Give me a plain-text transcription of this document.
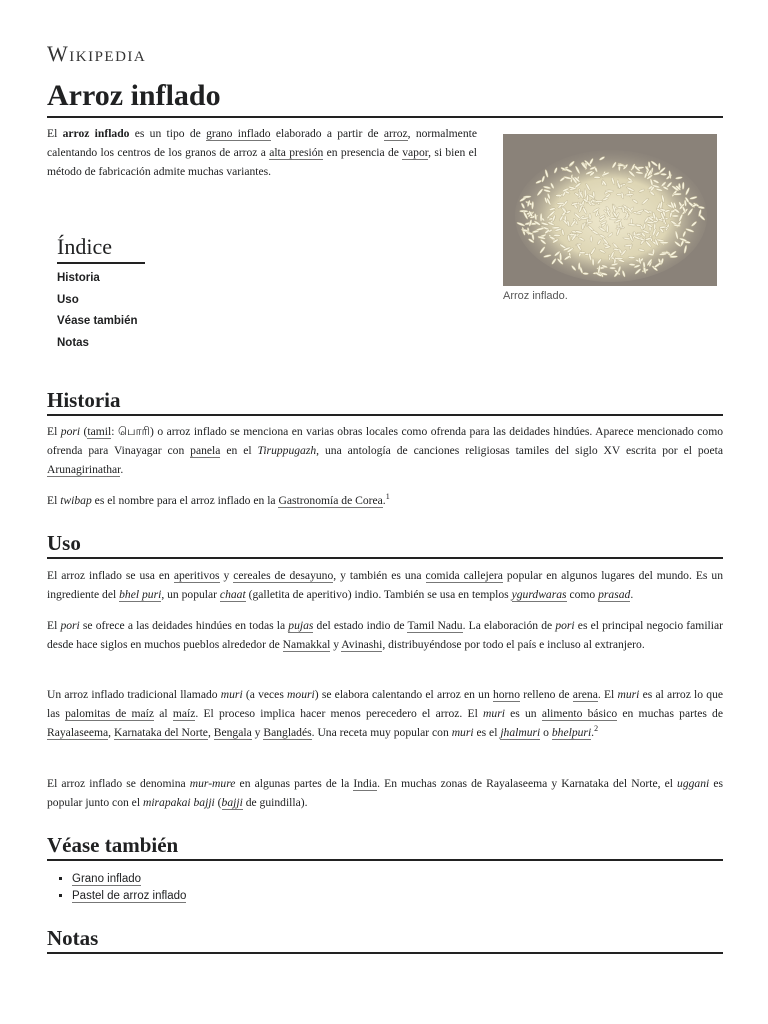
Wikipedia
Arroz inflado

El arroz inflado es un tipo de grano inflado elaborado a partir de arroz, normalmente calentando los centros de los granos de arroz a alta presión en presencia de vapor, si bien el método de fabricación admite muchas variantes.

Arroz inflado.
Índice
Historia
Uso
Véase también
Notas
Historia

El pori (tamil: பொரி) o arroz inflado se menciona en varias obras locales como ofrenda para las deidades hindúes. Aparece mencionado como ofrenda para Vinayagar con panela en el Tiruppugazh, una antología de canciones religiosas tamiles del siglo XV escrita por el poeta Arunagirinathar.

El twibap es el nombre para el arroz inflado en la Gastronomía de Corea.$^1$

Uso

El arroz inflado se usa en aperitivos y cereales de desayuno, y también es una comida callejera popular en algunos lugares del mundo. Es un ingrediente del bhel puri, un popular chaat (galletita de aperitivo) indio. También se usa en templos ygurdwaras como prasad.

El pori se ofrece a las deidades hindúes en todas la pujas del estado indio de Tamil Nadu. La elaboración de pori es el principal negocio familiar desde hace siglos en muchos pueblos alrededor de Namakkal y Avinashi, distribuyéndose por todo el país e incluso al extranjero.

Un arroz inflado tradicional llamado muri (a veces mouri) se elabora calentando el arroz en un horno relleno de arena. El muri es al arroz lo que las palomitas de maíz al maíz. El proceso implica hacer menos perecedero el arroz. El muri es un alimento básico en muchas partes de Rayalaseema, Karnataka del Norte, Bengala y Bangladés. Una receta muy popular con muri es el jhalmuri o bhelpuri.$^2$

El arroz inflado se denomina mur-mure en algunas partes de la India. En muchas zonas de Rayalaseema y Karnataka del Norte, el uggani es popular junto con el mirapakai bajji (bajji de guindilla).

Véase también
▪ Grano inflado
▪ Pastel de arroz inflado
Notas
